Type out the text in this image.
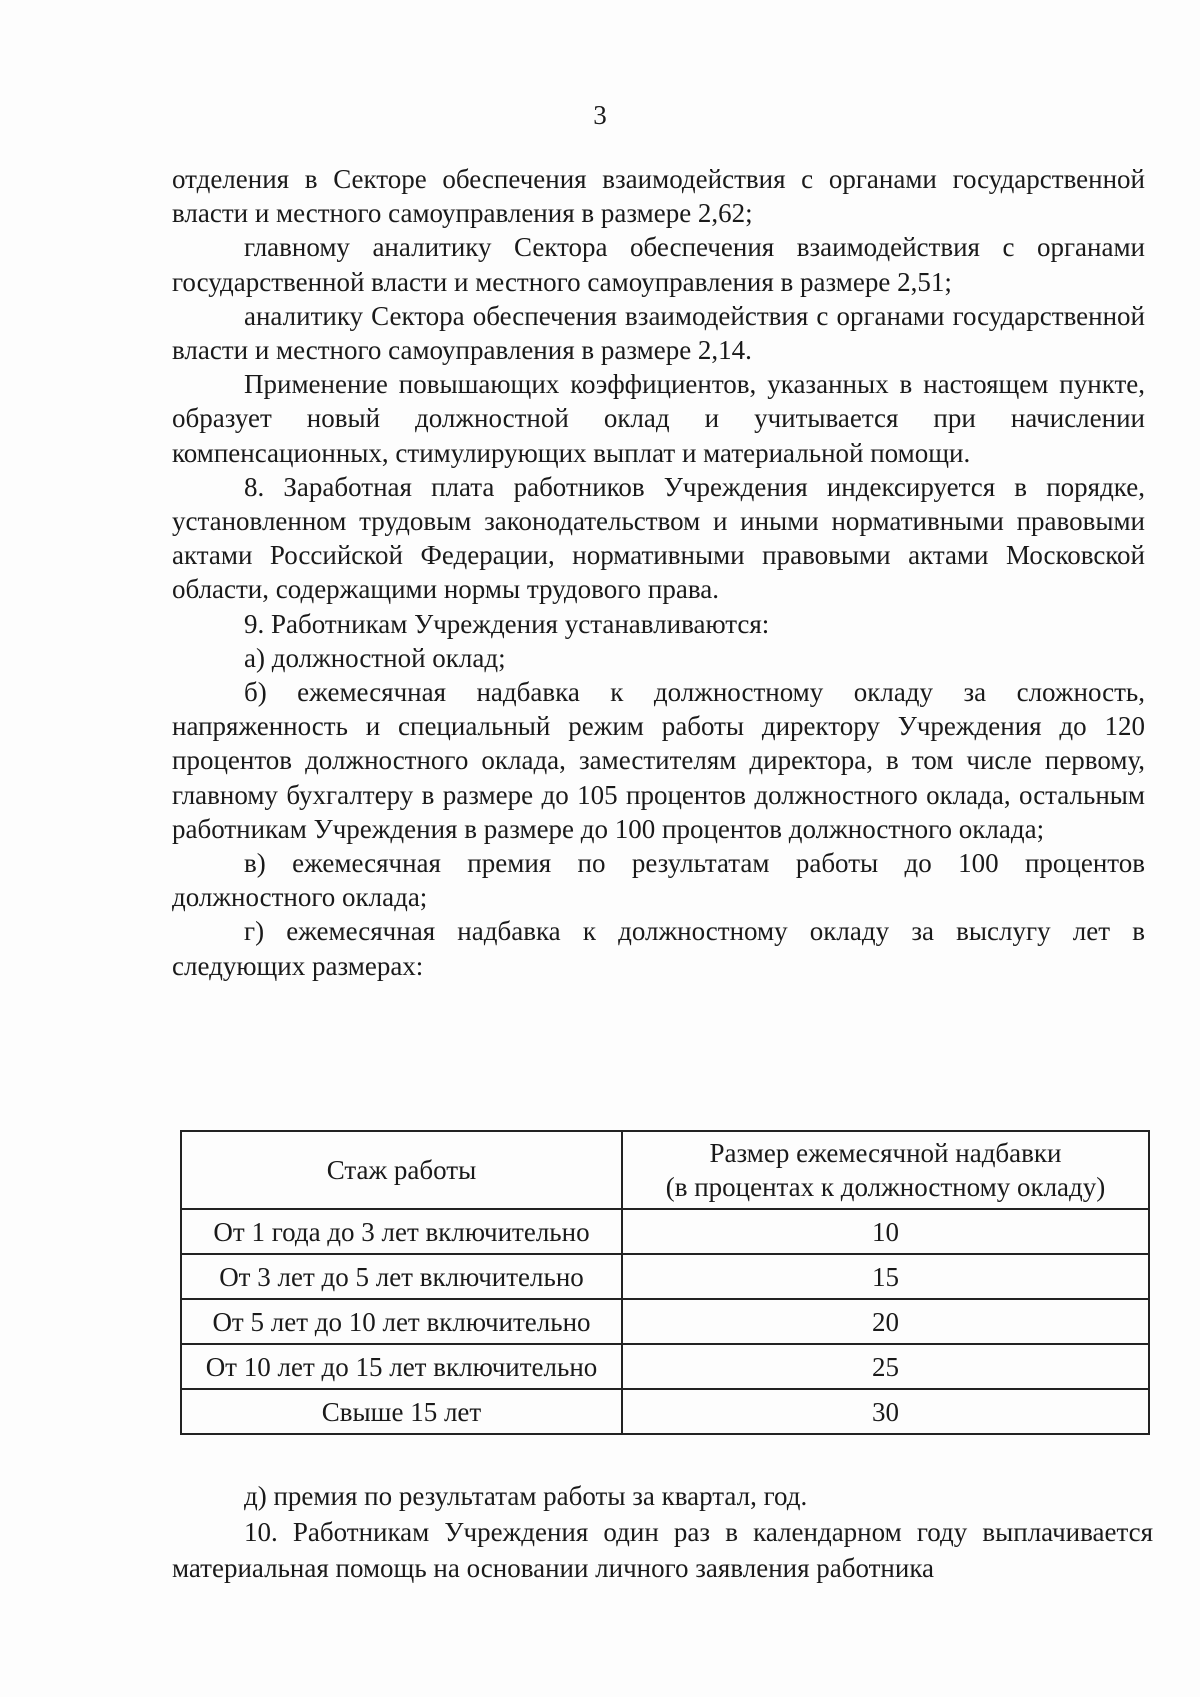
3

отделения в Секторе обеспечения взаимодействия с органами государственной власти и местного самоуправления в размере 2,62;

главному аналитику Сектора обеспечения взаимодействия с органами государственной власти и местного самоуправления в размере 2,51;

аналитику Сектора обеспечения взаимодействия с органами государственной власти и местного самоуправления в размере 2,14.

Применение повышающих коэффициентов, указанных в настоящем пункте, образует новый должностной оклад и учитывается при начислении компенсационных, стимулирующих выплат и материальной помощи.

8. Заработная плата работников Учреждения индексируется в порядке, установленном трудовым законодательством и иными нормативными правовыми актами Российской Федерации, нормативными правовыми актами Московской области, содержащими нормы трудового права.

9. Работникам Учреждения устанавливаются:

а) должностной оклад;

б) ежемесячная надбавка к должностному окладу за сложность, напряженность и специальный режим работы директору Учреждения до 120 процентов должностного оклада, заместителям директора, в том числе первому, главному бухгалтеру в размере до 105 процентов должностного оклада, остальным работникам Учреждения в размере до 100 процентов должностного оклада;

в) ежемесячная премия по результатам работы до 100 процентов должностного оклада;

г) ежемесячная надбавка к должностному окладу за выслугу лет в следующих размерах:

Стаж работы	Размер ежемесячной надбавки
(в процентах к должностному окладу)

От 1 года до 3 лет включительно	10
От 3 лет до 5 лет включительно	15
От 5 лет до 10 лет включительно	20
От 10 лет до 15 лет включительно	25
Свыше 15 лет	30

д) премия по результатам работы за квартал, год.

10. Работникам Учреждения один раз в календарном году выплачивается материальная помощь на основании личного заявления работника
